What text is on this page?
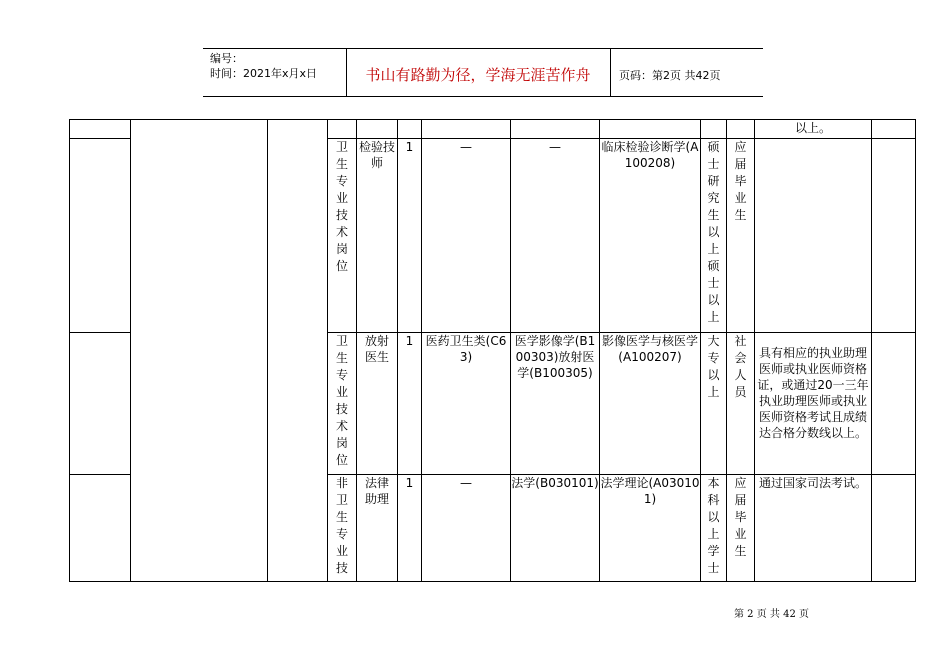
编号：
时间：2021年x月x日	书山有路勤为径，学海无涯苦作舟	页码：第2页 共42页
											以上。	

			卫生专业技术岗位	检验技师	1	—	—	临床检验诊断学(A100208)	硕士研究生以上硕士以上	应届毕业生		

			卫生专业技术岗位	放射医生	1	医药卫生类(C63)	医学影像学(B100303)放射医学(B100305)	影像医学与核医学(A100207)	大专以上	社会人员	具有相应的执业助理医师或执业医师资格证，或通过20一三年执业助理医师或执业医师资格考试且成绩达合格分数线以上。	

			非卫生专业技	法律助理	1	—	法学(B030101)	法学理论(A030101)	本科以上学士	应届毕业生	通过国家司法考试。	
第 2 页 共 42 页
